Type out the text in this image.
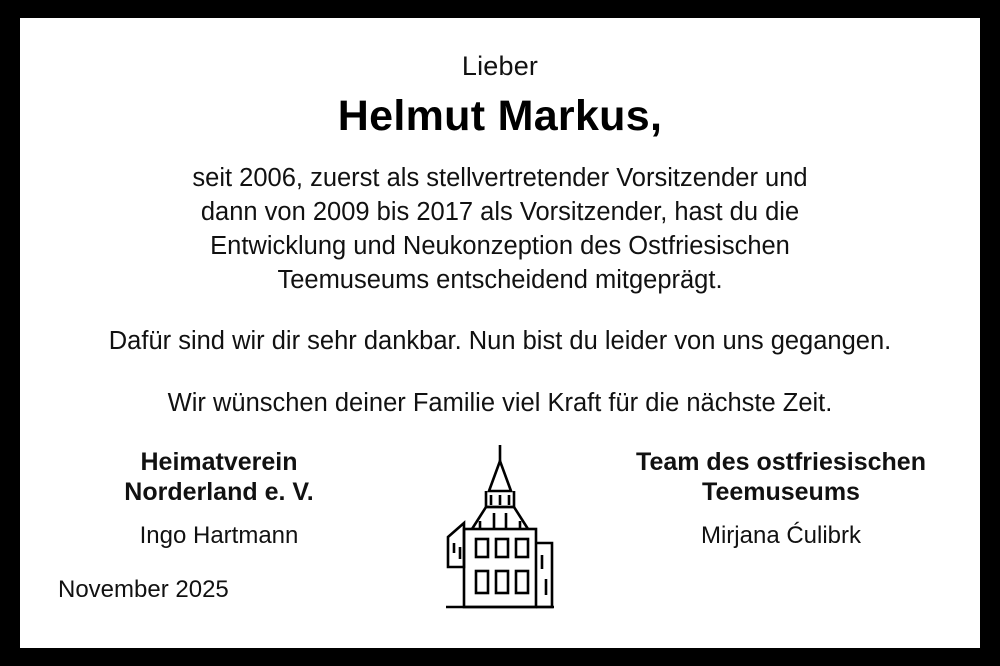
Lieber
Helmut Markus,
seit 2006, zuerst als stellvertretender Vorsitzender und
dann von 2009 bis 2017 als Vorsitzender, hast du die
Entwicklung und Neukonzeption des Ostfriesischen
Teemuseums entscheidend mitgeprägt.
Dafür sind wir dir sehr dankbar. Nun bist du leider von uns gegangen.
Wir wünschen deiner Familie viel Kraft für die nächste Zeit.
Heimatverein
Norderland e. V.
Ingo Hartmann
November 2025
Team des ostfriesischen
Teemuseums
Mirjana Ćulibrk
